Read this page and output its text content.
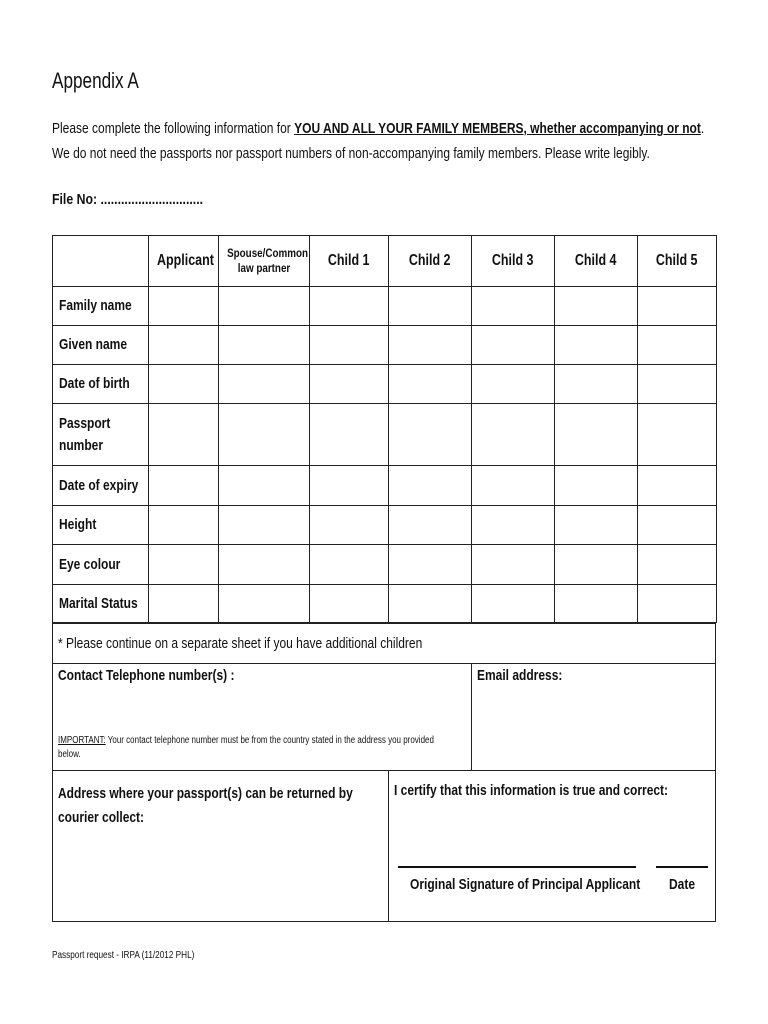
Appendix A
Please complete the following information for YOU AND ALL YOUR FAMILY MEMBERS, whether accompanying or not.
We do not need the passports nor passport numbers of non-accompanying family members. Please write legibly.
File No: ..............................
	Applicant	Spouse/Common
law partner	Child 1	Child 2	Child 3	Child 4	Child 5
Family name							
Given name							
Date of birth							
Passport number							
Date of expiry							
Height							
Eye colour							
Marital Status							
* Please continue on a separate sheet if you have additional children
Contact Telephone number(s) :	Email address:
IMPORTANT: Your contact telephone number must be from the country stated in the address you provided below.
Address where your passport(s) can be returned by courier collect:
I certify that this information is true and correct:
Original Signature of Principal Applicant	Date
Passport request - IRPA (11/2012 PHL)
